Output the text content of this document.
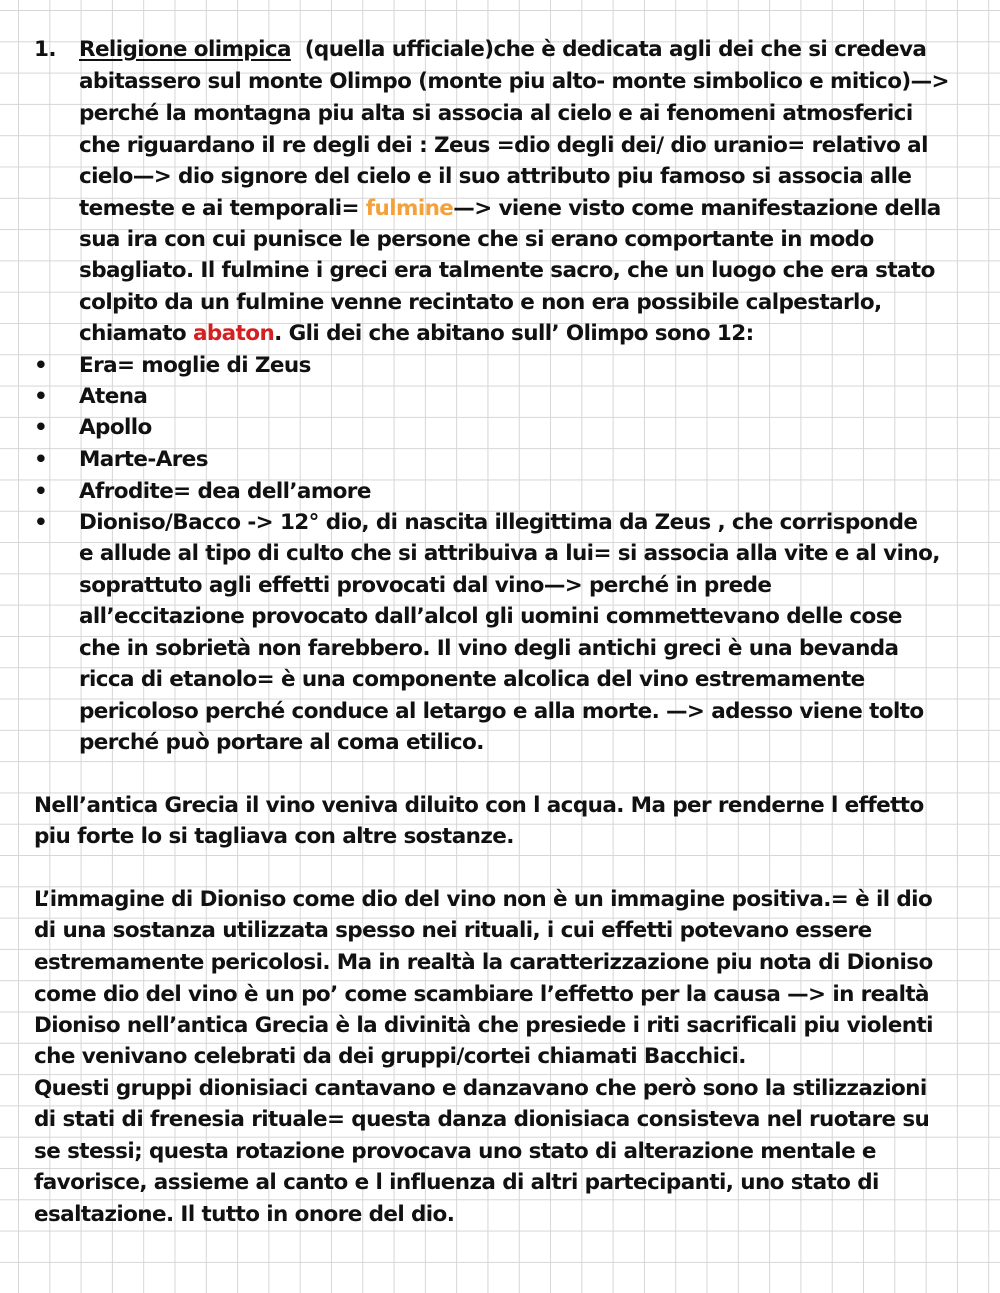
1. Religione olimpica (quella ufficiale)che è dedicata agli dei che si credeva
abitassero sul monte Olimpo (monte piu alto- monte simbolico e mitico)—>
perché la montagna piu alta si associa al cielo e ai fenomeni atmosferici
che riguardano il re degli dei : Zeus =dio degli dei/ dio uranio= relativo al
cielo—> dio signore del cielo e il suo attributo piu famoso si associa alle
temeste e ai temporali= fulmine—> viene visto come manifestazione della
sua ira con cui punisce le persone che si erano comportante in modo
sbagliato. Il fulmine i greci era talmente sacro, che un luogo che era stato
colpito da un fulmine venne recintato e non era possibile calpestarlo,
chiamato abaton. Gli dei che abitano sull’ Olimpo sono 12:
• Era= moglie di Zeus
• Atena
• Apollo
• Marte-Ares
• Afrodite= dea dell’amore
• Dioniso/Bacco -> 12° dio, di nascita illegittima da Zeus , che corrisponde
e allude al tipo di culto che si attribuiva a lui= si associa alla vite e al vino,
soprattuto agli effetti provocati dal vino—> perché in prede
all’eccitazione provocato dall’alcol gli uomini commettevano delle cose
che in sobrietà non farebbero. Il vino degli antichi greci è una bevanda
ricca di etanolo= è una componente alcolica del vino estremamente
pericoloso perché conduce al letargo e alla morte. —> adesso viene tolto
perché può portare al coma etilico.
Nell’antica Grecia il vino veniva diluito con l acqua. Ma per renderne l effetto
piu forte lo si tagliava con altre sostanze.
L’immagine di Dioniso come dio del vino non è un immagine positiva.= è il dio
di una sostanza utilizzata spesso nei rituali, i cui effetti potevano essere
estremamente pericolosi. Ma in realtà la caratterizzazione piu nota di Dioniso
come dio del vino è un po’ come scambiare l’effetto per la causa —> in realtà
Dioniso nell’antica Grecia è la divinità che presiede i riti sacrificali piu violenti
che venivano celebrati da dei gruppi/cortei chiamati Bacchici.
Questi gruppi dionisiaci cantavano e danzavano che però sono la stilizzazioni
di stati di frenesia rituale= questa danza dionisiaca consisteva nel ruotare su
se stessi; questa rotazione provocava uno stato di alterazione mentale e
favorisce, assieme al canto e l influenza di altri partecipanti, uno stato di
esaltazione. Il tutto in onore del dio.
